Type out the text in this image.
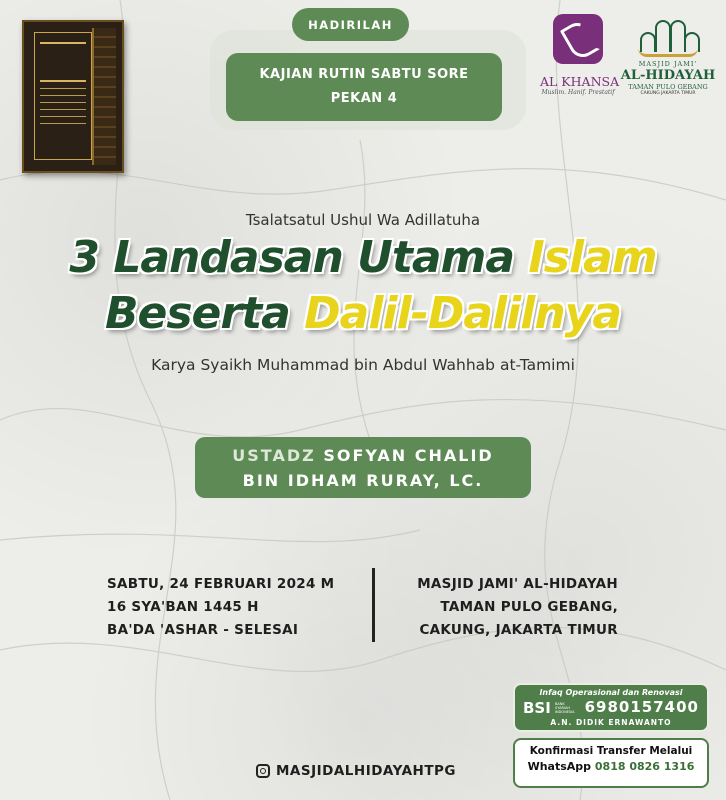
HADIRILAH
KAJIAN RUTIN SABTU SORE
PEKAN 4
AL KHANSA
Muslim. Hanif. Prestatif
MASJID JAMI'
AL-HIDAYAH
TAMAN PULO GEBANG
CAKUNG JAKARTA TIMUR
Tsalatsatul Ushul Wa Adillatuha
3 Landasan Utama Islam
Beserta Dalil-Dalilnya
Karya Syaikh Muhammad bin Abdul Wahhab at-Tamimi
USTADZ SOFYAN CHALID
BIN IDHAM RURAY, LC.
SABTU, 24 FEBRUARI 2024 M
16 SYA'BAN 1445 H
BA'DA 'ASHAR - SELESAI
MASJID JAMI' AL-HIDAYAH
TAMAN PULO GEBANG,
CAKUNG, JAKARTA TIMUR
MASJIDALHIDAYAHTPG
Infaq Operasional dan Renovasi
BSI BANK SYARIAH INDONESIA 6980157400
A.N. DIDIK ERNAWANTO
Konfirmasi Transfer Melalui
WhatsApp 0818 0826 1316
